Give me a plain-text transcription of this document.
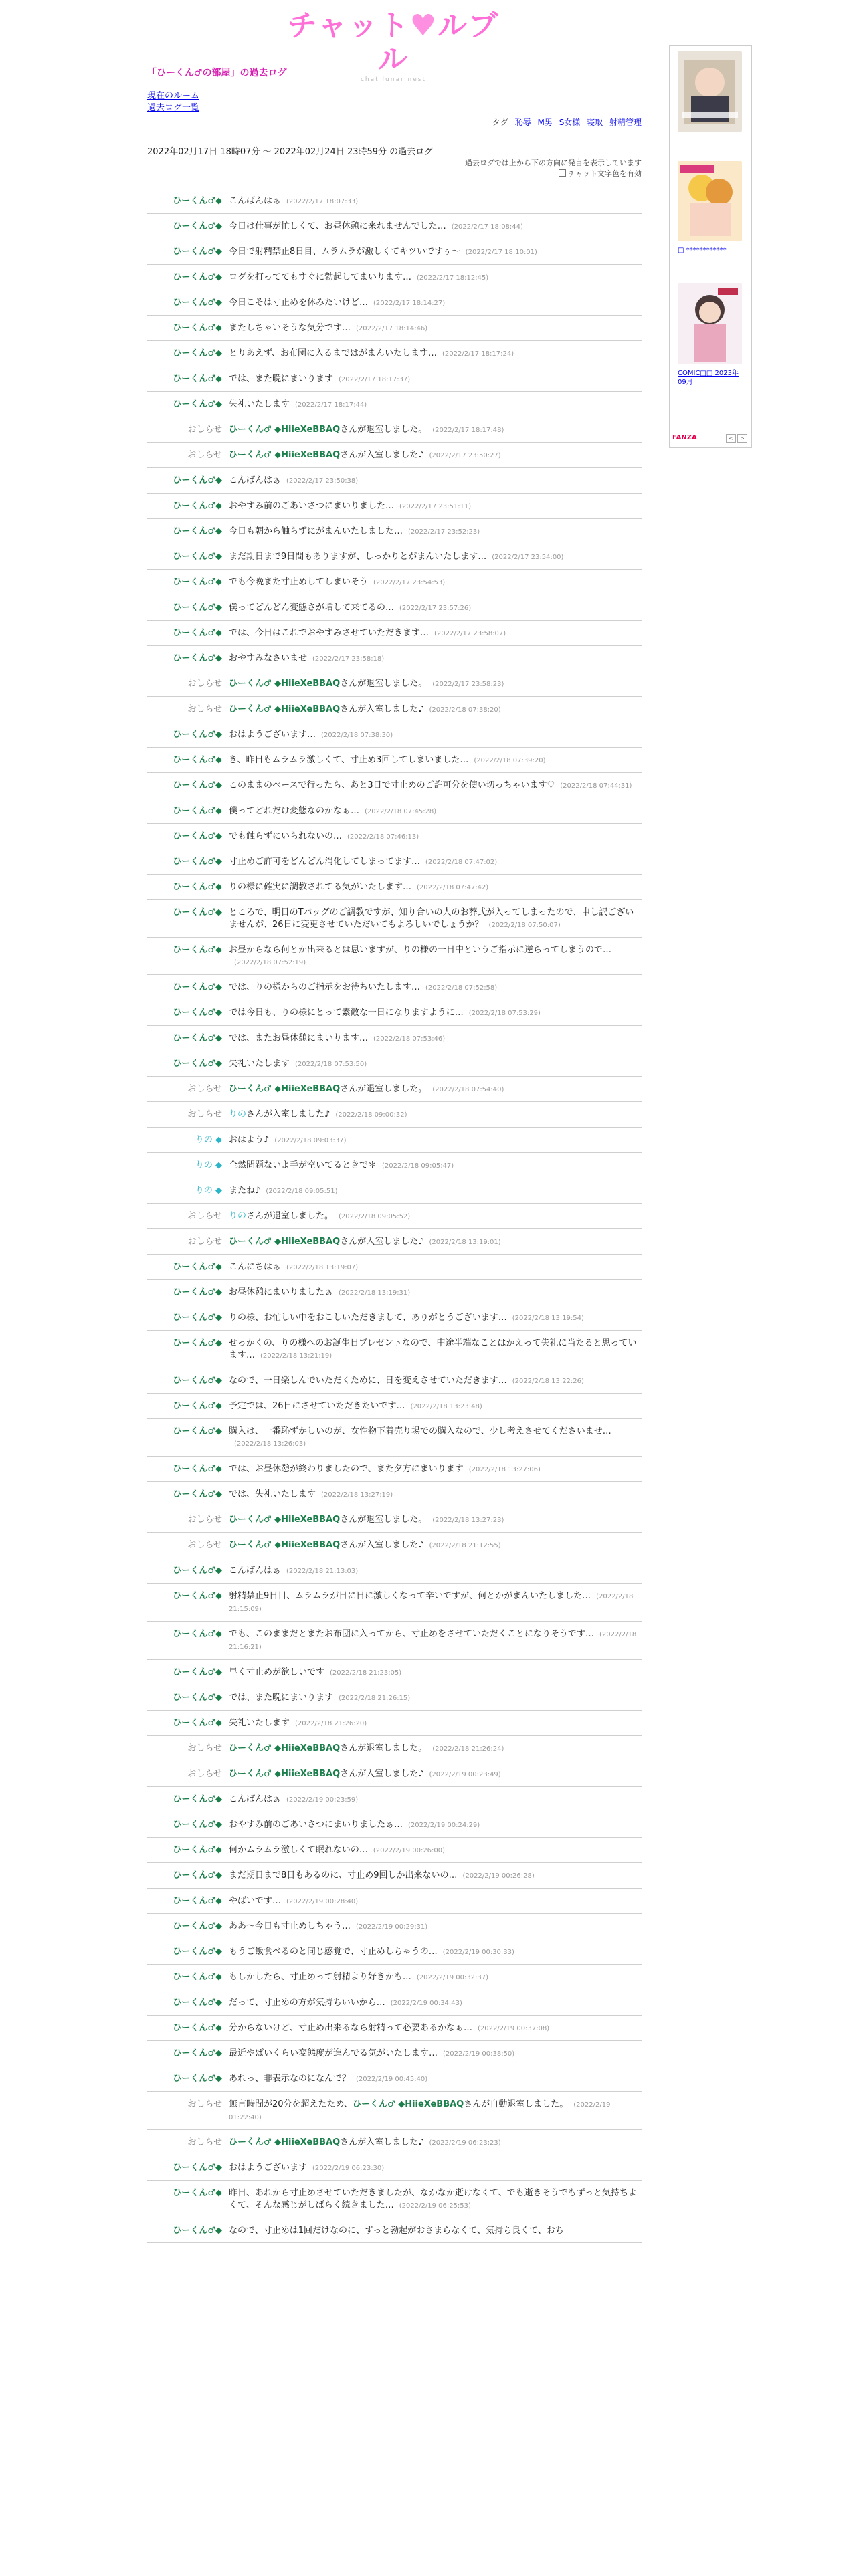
チャット♥ルブル
chat lunar nest
「ひーくん♂の部屋」の過去ログ
現在のルーム
過去ログ一覧
タグ 恥辱 M男 S女様 寝取 射精管理
2022年02月17日 18時07分 ～ 2022年02月24日 23時59分 の過去ログ
過去ログでは上から下の方向に発言を表示しています
チャット文字色を有効
ひーくん♂◆ こんばんはぁ (2022/2/17 18:07:33)
ひーくん♂◆ 今日は仕事が忙しくて、お昼休憩に来れませんでした… (2022/2/17 18:08:44)
ひーくん♂◆ 今日で射精禁止8日目、ムラムラが激しくてキツいですぅ～ (2022/2/17 18:10:01)
ひーくん♂◆ ログを打っててもすぐに勃起してまいります… (2022/2/17 18:12:45)
ひーくん♂◆ 今日こそは寸止めを休みたいけど… (2022/2/17 18:14:27)
ひーくん♂◆ またしちゃいそうな気分です… (2022/2/17 18:14:46)
ひーくん♂◆ とりあえず、お布団に入るまではがまんいたします… (2022/2/17 18:17:24)
ひーくん♂◆ では、また晩にまいります (2022/2/17 18:17:37)
ひーくん♂◆ 失礼いたします (2022/2/17 18:17:44)
おしらせ ひーくん♂ ◆HiieXeBBAQさんが退室しました。 (2022/2/17 18:17:48)
おしらせ ひーくん♂ ◆HiieXeBBAQさんが入室しました♪ (2022/2/17 23:50:27)
ひーくん♂◆ こんばんはぁ (2022/2/17 23:50:38)
ひーくん♂◆ おやすみ前のごあいさつにまいりました… (2022/2/17 23:51:11)
ひーくん♂◆ 今日も朝から触らずにがまんいたしました… (2022/2/17 23:52:23)
ひーくん♂◆ まだ期日まで9日間もありますが、しっかりとがまんいたします… (2022/2/17 23:54:00)
ひーくん♂◆ でも今晩また寸止めしてしまいそう (2022/2/17 23:54:53)
ひーくん♂◆ 僕ってどんどん変態さが増して来てるの… (2022/2/17 23:57:26)
ひーくん♂◆ では、今日はこれでおやすみさせていただきます… (2022/2/17 23:58:07)
ひーくん♂◆ おやすみなさいませ (2022/2/17 23:58:18)
おしらせ ひーくん♂ ◆HiieXeBBAQさんが退室しました。 (2022/2/17 23:58:23)
おしらせ ひーくん♂ ◆HiieXeBBAQさんが入室しました♪ (2022/2/18 07:38:20)
ひーくん♂◆ おはようございます… (2022/2/18 07:38:30)
ひーくん♂◆ き、昨日もムラムラ激しくて、寸止め3回してしまいました… (2022/2/18 07:39:20)
ひーくん♂◆ このままのペースで行ったら、あと3日で寸止めのご許可分を使い切っちゃいます♡ (2022/2/18 07:44:31)
ひーくん♂◆ 僕ってどれだけ変態なのかなぁ… (2022/2/18 07:45:28)
ひーくん♂◆ でも触らずにいられないの… (2022/2/18 07:46:13)
ひーくん♂◆ 寸止めご許可をどんどん消化してしまってます… (2022/2/18 07:47:02)
ひーくん♂◆ りの様に確実に調教されてる気がいたします… (2022/2/18 07:47:42)
ひーくん♂◆ ところで、明日のTバッグのご調教ですが、知り合いの人のお葬式が入ってしまったので、申し訳ございませんが、26日に変更させていただいてもよろしいでしょうか？ (2022/2/18 07:50:07)
ひーくん♂◆ お昼からなら何とか出来るとは思いますが、りの様の一日中というご指示に逆らってしまうので…(2022/2/18 07:52:19)
ひーくん♂◆ では、りの様からのご指示をお待ちいたします… (2022/2/18 07:52:58)
ひーくん♂◆ では今日も、りの様にとって素敵な一日になりますように… (2022/2/18 07:53:29)
ひーくん♂◆ では、またお昼休憩にまいります… (2022/2/18 07:53:46)
ひーくん♂◆ 失礼いたします (2022/2/18 07:53:50)
おしらせ ひーくん♂ ◆HiieXeBBAQさんが退室しました。 (2022/2/18 07:54:40)
おしらせ りのさんが入室しました♪ (2022/2/18 09:00:32)
りの ◆ おはよう♪ (2022/2/18 09:03:37)
りの ◆ 全然問題ないよ手が空いてるときで＊ (2022/2/18 09:05:47)
りの ◆ またね♪ (2022/2/18 09:05:51)
おしらせ りのさんが退室しました。 (2022/2/18 09:05:52)
おしらせ ひーくん♂ ◆HiieXeBBAQさんが入室しました♪ (2022/2/18 13:19:01)
ひーくん♂◆ こんにちはぁ (2022/2/18 13:19:07)
ひーくん♂◆ お昼休憩にまいりましたぁ (2022/2/18 13:19:31)
ひーくん♂◆ りの様、お忙しい中をおこしいただきまして、ありがとうございます… (2022/2/18 13:19:54)
ひーくん♂◆ せっかくの、りの様へのお誕生日プレゼントなので、中途半端なことはかえって失礼に当たると思っています… (2022/2/18 13:21:19)
ひーくん♂◆ なので、一日楽しんでいただくために、日を変えさせていただきます… (2022/2/18 13:22:26)
ひーくん♂◆ 予定では、26日にさせていただきたいです… (2022/2/18 13:23:48)
ひーくん♂◆ 購入は、一番恥ずかしいのが、女性物下着売り場での購入なので、少し考えさせてくださいませ…(2022/2/18 13:26:03)
ひーくん♂◆ では、お昼休憩が終わりましたので、また夕方にまいります (2022/2/18 13:27:06)
ひーくん♂◆ では、失礼いたします (2022/2/18 13:27:19)
おしらせ ひーくん♂ ◆HiieXeBBAQさんが退室しました。 (2022/2/18 13:27:23)
おしらせ ひーくん♂ ◆HiieXeBBAQさんが入室しました♪ (2022/2/18 21:12:55)
ひーくん♂◆ こんばんはぁ (2022/2/18 21:13:03)
ひーくん♂◆ 射精禁止9日目、ムラムラが日に日に激しくなって辛いですが、何とかがまんいたしました… (2022/2/18 21:15:09)
ひーくん♂◆ でも、このままだとまたお布団に入ってから、寸止めをさせていただくことになりそうです… (2022/2/18 21:16:21)
ひーくん♂◆ 早く寸止めが欲しいです (2022/2/18 21:23:05)
ひーくん♂◆ では、また晩にまいります (2022/2/18 21:26:15)
ひーくん♂◆ 失礼いたします (2022/2/18 21:26:20)
おしらせ ひーくん♂ ◆HiieXeBBAQさんが退室しました。 (2022/2/18 21:26:24)
おしらせ ひーくん♂ ◆HiieXeBBAQさんが入室しました♪ (2022/2/19 00:23:49)
ひーくん♂◆ こんばんはぁ (2022/2/19 00:23:59)
ひーくん♂◆ おやすみ前のごあいさつにまいりましたぁ… (2022/2/19 00:24:29)
ひーくん♂◆ 何かムラムラ激しくて眠れないの… (2022/2/19 00:26:00)
ひーくん♂◆ まだ期日まで8日もあるのに、寸止め9回しか出来ないの… (2022/2/19 00:26:28)
ひーくん♂◆ やばいです… (2022/2/19 00:28:40)
ひーくん♂◆ ああ～今日も寸止めしちゃう… (2022/2/19 00:29:31)
ひーくん♂◆ もうご飯食べるのと同じ感覚で、寸止めしちゃうの… (2022/2/19 00:30:33)
ひーくん♂◆ もしかしたら、寸止めって射精より好きかも… (2022/2/19 00:32:37)
ひーくん♂◆ だって、寸止めの方が気持ちいいから… (2022/2/19 00:34:43)
ひーくん♂◆ 分からないけど、寸止め出来るなら射精って必要あるかなぁ… (2022/2/19 00:37:08)
ひーくん♂◆ 最近やばいくらい変態度が進んでる気がいたします… (2022/2/19 00:38:50)
ひーくん♂◆ あれっ、非表示なのになんで？ (2022/2/19 00:45:40)
おしらせ 無言時間が20分を超えたため、ひーくん♂ ◆HiieXeBBAQさんが自動退室しました。 (2022/2/19 01:22:40)
おしらせ ひーくん♂ ◆HiieXeBBAQさんが入室しました♪ (2022/2/19 06:23:23)
ひーくん♂◆ おはようございます (2022/2/19 06:23:30)
ひーくん♂◆ 昨日、あれから寸止めさせていただきましたが、なかなか逝けなくて、でも逝きそうでもずっと気持ちよくて、そんな感じがしばらく続きました… (2022/2/19 06:25:53)
ひーくん♂◆ なので、寸止めは1回だけなのに、ずっと勃起がおさまらなくて、気持ち良くて、おち
□ ************
COMIC□□ 2023年09月
FANZA	< >
